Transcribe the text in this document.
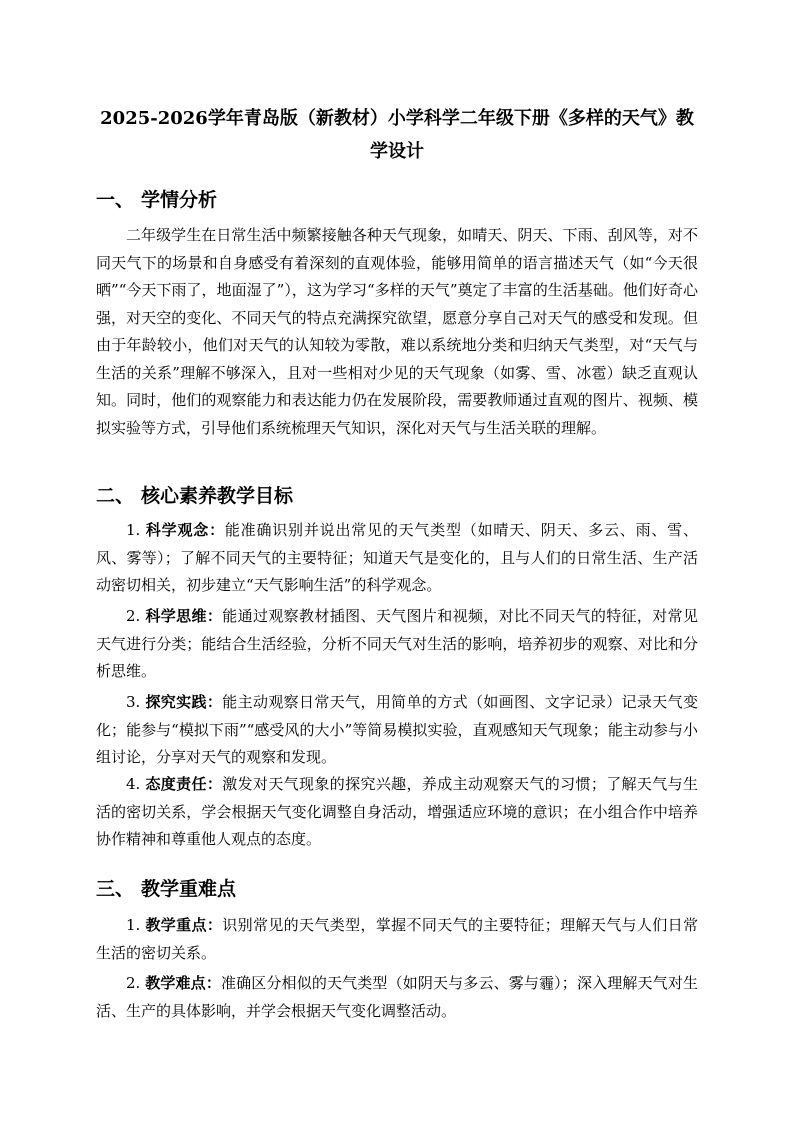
2025-2026学年青岛版（新教材）小学科学二年级下册《多样的天气》教学设计
一、 学情分析

二年级学生在日常生活中频繁接触各种天气现象，如晴天、阴天、下雨、刮风等，对不同天气下的场景和自身感受有着深刻的直观体验，能够用简单的语言描述天气（如“今天很晒”“今天下雨了，地面湿了”），这为学习“多样的天气”奠定了丰富的生活基础。他们好奇心强，对天空的变化、不同天气的特点充满探究欲望，愿意分享自己对天气的感受和发现。但由于年龄较小，他们对天气的认知较为零散，难以系统地分类和归纳天气类型，对“天气与生活的关系”理解不够深入，且对一些相对少见的天气现象（如雾、雪、冰雹）缺乏直观认知。同时，他们的观察能力和表达能力仍在发展阶段，需要教师通过直观的图片、视频、模拟实验等方式，引导他们系统梳理天气知识，深化对天气与生活关联的理解。

二、 核心素养教学目标

1. 科学观念：能准确识别并说出常见的天气类型（如晴天、阴天、多云、雨、雪、风、雾等）；了解不同天气的主要特征；知道天气是变化的，且与人们的日常生活、生产活动密切相关，初步建立“天气影响生活”的科学观念。

2. 科学思维：能通过观察教材插图、天气图片和视频，对比不同天气的特征，对常见天气进行分类；能结合生活经验，分析不同天气对生活的影响，培养初步的观察、对比和分析思维。

3. 探究实践：能主动观察日常天气，用简单的方式（如画图、文字记录）记录天气变化；能参与“模拟下雨”“感受风的大小”等简易模拟实验，直观感知天气现象；能主动参与小组讨论，分享对天气的观察和发现。

4. 态度责任：激发对天气现象的探究兴趣，养成主动观察天气的习惯；了解天气与生活的密切关系，学会根据天气变化调整自身活动，增强适应环境的意识；在小组合作中培养协作精神和尊重他人观点的态度。

三、 教学重难点

1. 教学重点：识别常见的天气类型，掌握不同天气的主要特征；理解天气与人们日常生活的密切关系。

2. 教学难点：准确区分相似的天气类型（如阴天与多云、雾与霾）；深入理解天气对生活、生产的具体影响，并学会根据天气变化调整活动。
